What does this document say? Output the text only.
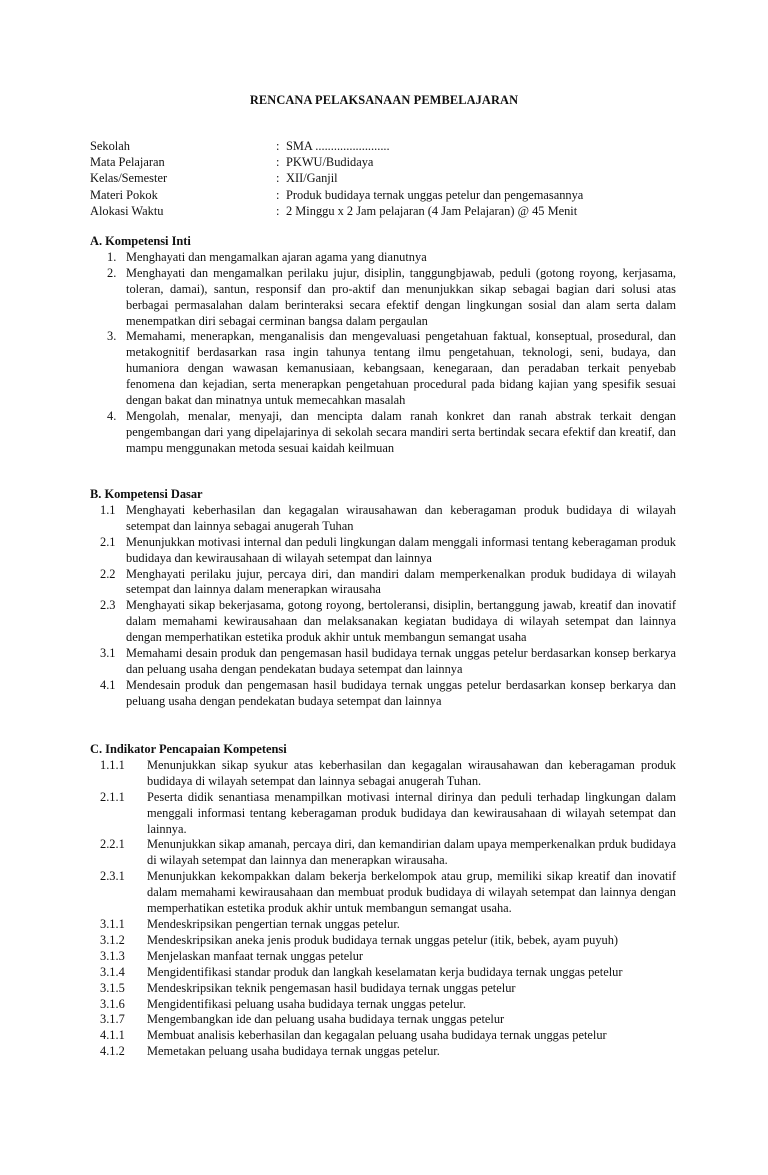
RENCANA PELAKSANAAN PEMBELAJARAN
Sekolah	: SMA ........................
Mata Pelajaran	: PKWU/Budidaya
Kelas/Semester	: XII/Ganjil
Materi Pokok	: Produk budidaya ternak unggas petelur dan pengemasannya
Alokasi Waktu	: 2 Minggu x 2 Jam pelajaran (4 Jam Pelajaran) @ 45 Menit
A. Kompetensi Inti
1. Menghayati dan mengamalkan ajaran agama yang dianutnya
2. Menghayati dan mengamalkan perilaku jujur, disiplin, tanggungbjawab, peduli (gotong royong, kerjasama, toleran, damai), santun, responsif dan pro-aktif dan menunjukkan sikap sebagai bagian dari solusi atas berbagai permasalahan dalam berinteraksi secara efektif dengan lingkungan sosial dan alam serta dalam menempatkan diri sebagai cerminan bangsa dalam pergaulan
3. Memahami, menerapkan, menganalisis dan mengevaluasi pengetahuan faktual, konseptual, prosedural, dan metakognitif berdasarkan rasa ingin tahunya tentang ilmu pengetahuan, teknologi, seni, budaya, dan humaniora dengan wawasan kemanusiaan, kebangsaan, kenegaraan, dan peradaban terkait penyebab fenomena dan kejadian, serta menerapkan pengetahuan procedural pada bidang kajian yang spesifik sesuai dengan bakat dan minatnya untuk memecahkan masalah
4. Mengolah, menalar, menyaji, dan mencipta dalam ranah konkret dan ranah abstrak terkait dengan pengembangan dari yang dipelajarinya di sekolah secara mandiri serta bertindak secara efektif dan kreatif, dan mampu menggunakan metoda sesuai kaidah keilmuan
B. Kompetensi Dasar
1.1 Menghayati keberhasilan dan kegagalan wirausahawan dan keberagaman produk budidaya di wilayah setempat dan lainnya sebagai anugerah Tuhan
2.1 Menunjukkan motivasi internal dan peduli lingkungan dalam menggali informasi tentang keberagaman produk budidaya dan kewirausahaan di wilayah setempat dan lainnya
2.2 Menghayati perilaku jujur, percaya diri, dan mandiri dalam memperkenalkan produk budidaya di wilayah setempat dan lainnya dalam menerapkan wirausaha
2.3 Menghayati sikap bekerjasama, gotong royong, bertoleransi, disiplin, bertanggung jawab, kreatif dan inovatif dalam memahami kewirausahaan dan melaksanakan kegiatan budidaya di wilayah setempat dan lainnya dengan memperhatikan estetika produk akhir untuk membangun semangat usaha
3.1 Memahami desain produk dan pengemasan hasil budidaya ternak unggas petelur berdasarkan konsep berkarya dan peluang usaha dengan pendekatan budaya setempat dan lainnya
4.1 Mendesain produk dan pengemasan hasil budidaya ternak unggas petelur berdasarkan konsep berkarya dan peluang usaha dengan pendekatan budaya setempat dan lainnya
C. Indikator Pencapaian Kompetensi
1.1.1 Menunjukkan sikap syukur atas keberhasilan dan kegagalan wirausahawan dan keberagaman produk budidaya di wilayah setempat dan lainnya sebagai anugerah Tuhan.
2.1.1 Peserta didik senantiasa menampilkan motivasi internal dirinya dan peduli terhadap lingkungan dalam menggali informasi tentang keberagaman produk budidaya dan kewirausahaan di wilayah setempat dan lainnya.
2.2.1 Menunjukkan sikap amanah, percaya diri, dan kemandirian dalam upaya memperkenalkan prduk budidaya di wilayah setempat dan lainnya dan menerapkan wirausaha.
2.3.1 Menunjukkan kekompakkan dalam bekerja berkelompok atau grup, memiliki sikap kreatif dan inovatif dalam memahami kewirausahaan dan membuat produk budidaya di wilayah setempat dan lainnya dengan memperhatikan estetika produk akhir untuk membangun semangat usaha.
3.1.1 Mendeskripsikan pengertian ternak unggas petelur.
3.1.2 Mendeskripsikan aneka jenis produk budidaya ternak unggas petelur (itik, bebek, ayam puyuh)
3.1.3 Menjelaskan manfaat ternak unggas petelur
3.1.4 Mengidentifikasi standar produk dan langkah keselamatan kerja budidaya ternak unggas petelur
3.1.5 Mendeskripsikan teknik pengemasan hasil budidaya ternak unggas petelur
3.1.6 Mengidentifikasi peluang usaha budidaya ternak unggas petelur.
3.1.7 Mengembangkan ide dan peluang usaha budidaya ternak unggas petelur
4.1.1 Membuat analisis keberhasilan dan kegagalan peluang usaha budidaya ternak unggas petelur
4.1.2 Memetakan peluang usaha budidaya ternak unggas petelur.
